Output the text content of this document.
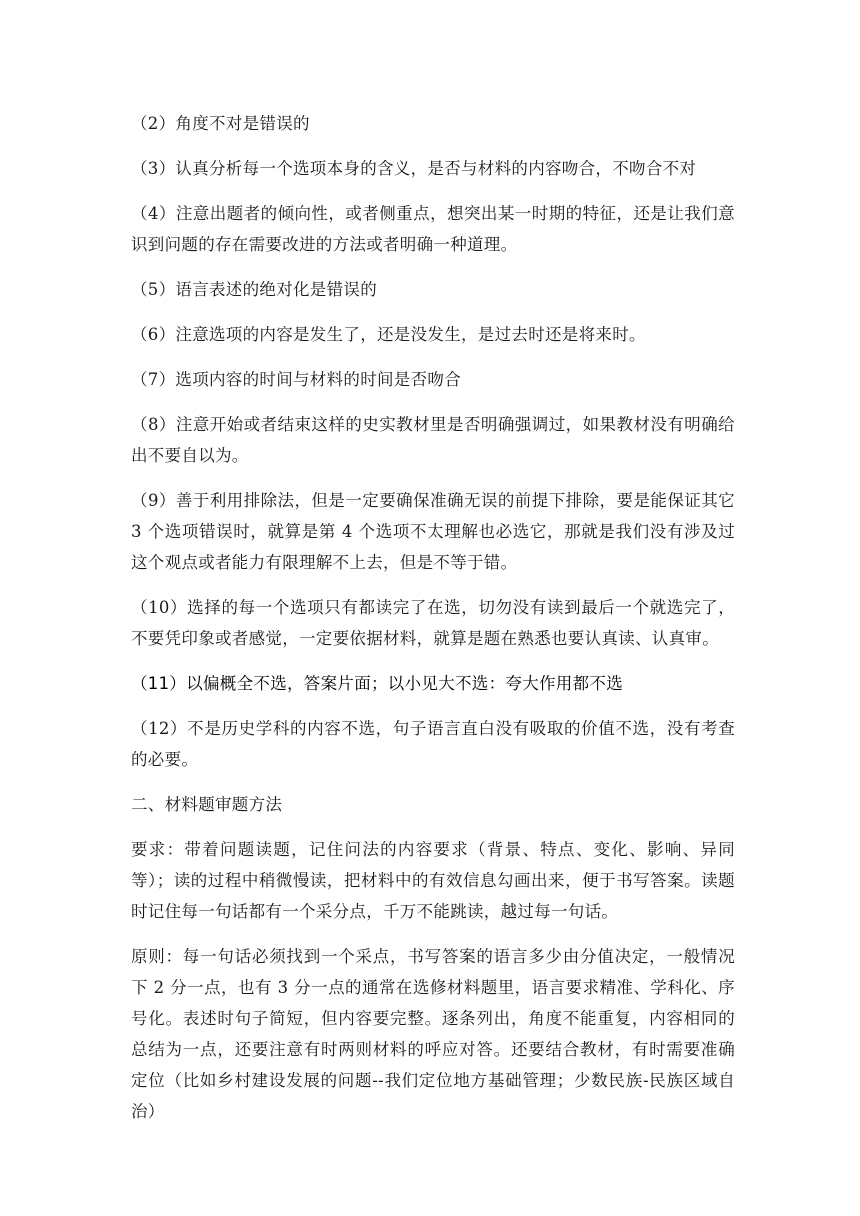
（2）角度不对是错误的

（3）认真分析每一个选项本身的含义，是否与材料的内容吻合，不吻合不对

（4）注意出题者的倾向性，或者侧重点，想突出某一时期的特征，还是让我们意识到问题的存在需要改进的方法或者明确一种道理。

（5）语言表述的绝对化是错误的

（6）注意选项的内容是发生了，还是没发生，是过去时还是将来时。

（7）选项内容的时间与材料的时间是否吻合

（8）注意开始或者结束这样的史实教材里是否明确强调过，如果教材没有明确给出不要自以为。

（9）善于利用排除法，但是一定要确保准确无误的前提下排除，要是能保证其它 3 个选项错误时，就算是第 4 个选项不太理解也必选它，那就是我们没有涉及过这个观点或者能力有限理解不上去，但是不等于错。

（10）选择的每一个选项只有都读完了在选，切勿没有读到最后一个就选完了，不要凭印象或者感觉，一定要依据材料，就算是题在熟悉也要认真读、认真审。

（11）以偏概全不选，答案片面；以小见大不选：夸大作用都不选

（12）不是历史学科的内容不选，句子语言直白没有吸取的价值不选，没有考查的必要。

二、材料题审题方法

要求：带着问题读题，记住问法的内容要求（背景、特点、变化、影响、异同等）；读的过程中稍微慢读，把材料中的有效信息勾画出来，便于书写答案。读题时记住每一句话都有一个采分点，千万不能跳读，越过每一句话。

原则：每一句话必须找到一个采点，书写答案的语言多少由分值决定，一般情况下 2 分一点，也有 3 分一点的通常在选修材料题里，语言要求精准、学科化、序号化。表述时句子简短，但内容要完整。逐条列出，角度不能重复，内容相同的总结为一点，还要注意有时两则材料的呼应对答。还要结合教材，有时需要准确定位（比如乡村建设发展的问题--我们定位地方基础管理；少数民族-民族区域自治）
